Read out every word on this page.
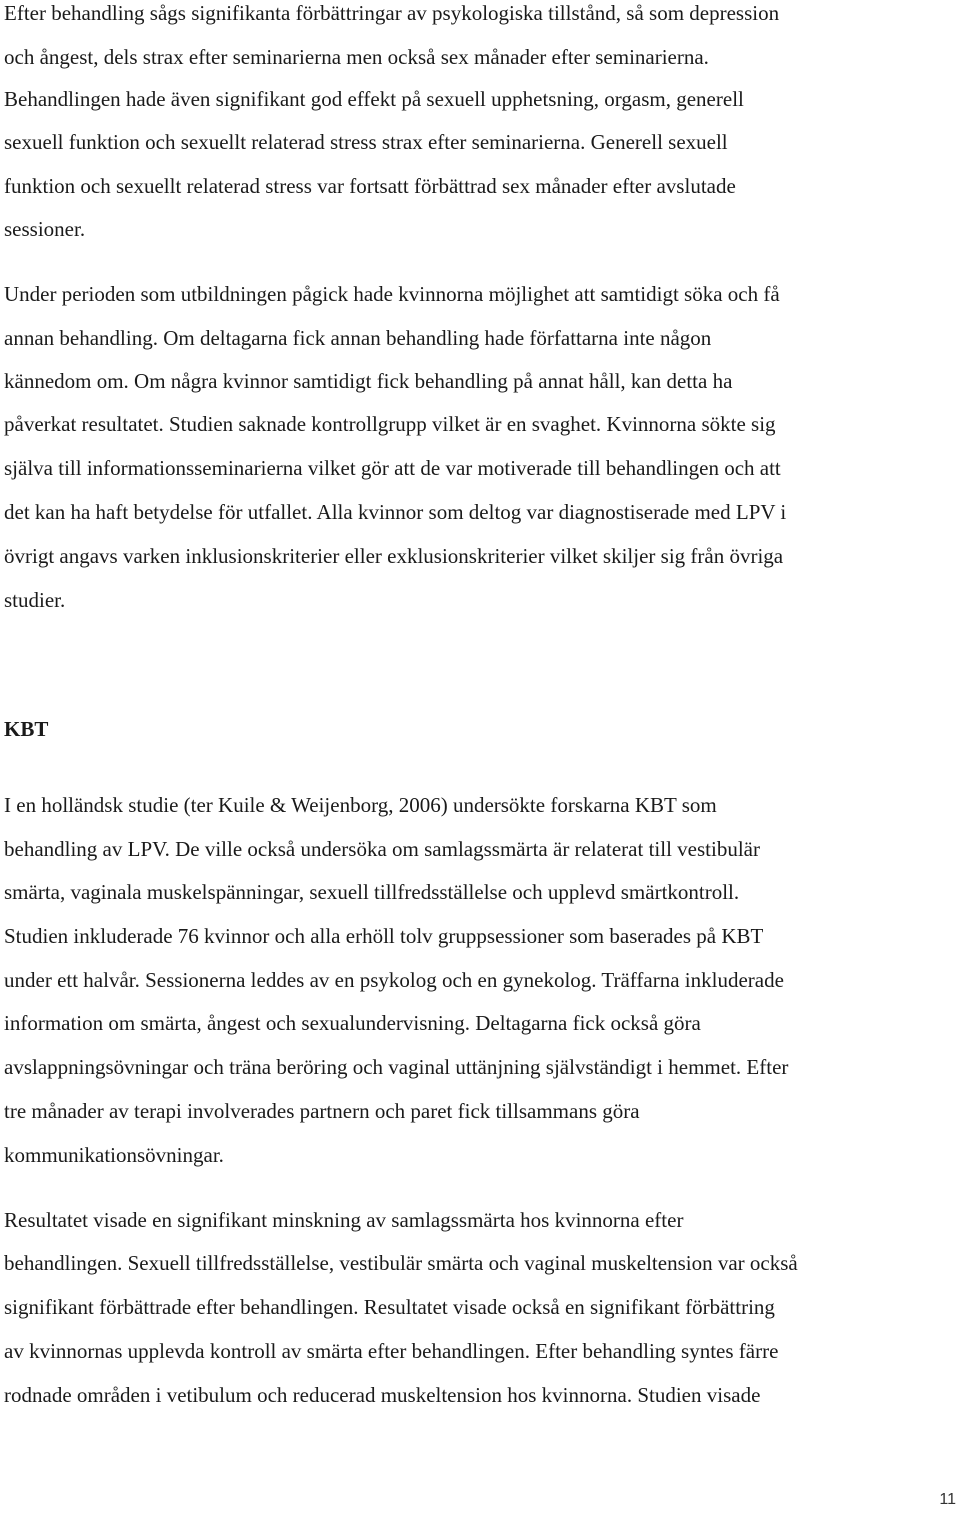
Efter behandling sågs signifikanta förbättringar av psykologiska tillstånd, så som depression
och ångest, dels strax efter seminarierna men också sex månader efter seminarierna.
Behandlingen hade även signifikant god effekt på sexuell upphetsning, orgasm, generell
sexuell funktion och sexuellt relaterad stress strax efter seminarierna. Generell sexuell
funktion och sexuellt relaterad stress var fortsatt förbättrad sex månader efter avslutade
sessioner.
Under perioden som utbildningen pågick hade kvinnorna möjlighet att samtidigt söka och få
annan behandling. Om deltagarna fick annan behandling hade författarna inte någon
kännedom om. Om några kvinnor samtidigt fick behandling på annat håll, kan detta ha
påverkat resultatet. Studien saknade kontrollgrupp vilket är en svaghet. Kvinnorna sökte sig
själva till informationsseminarierna vilket gör att de var motiverade till behandlingen och att
det kan ha haft betydelse för utfallet. Alla kvinnor som deltog var diagnostiserade med LPV i
övrigt angavs varken inklusionskriterier eller exklusionskriterier vilket skiljer sig från övriga
studier.
KBT
I en holländsk studie (ter Kuile & Weijenborg, 2006) undersökte forskarna KBT som
behandling av LPV. De ville också undersöka om samlagssmärta är relaterat till vestibulär
smärta, vaginala muskelspänningar, sexuell tillfredsställelse och upplevd smärtkontroll.
Studien inkluderade 76 kvinnor och alla erhöll tolv gruppsessioner som baserades på KBT
under ett halvår. Sessionerna leddes av en psykolog och en gynekolog. Träffarna inkluderade
information om smärta, ångest och sexualundervisning. Deltagarna fick också göra
avslappningsövningar och träna beröring och vaginal uttänjning självständigt i hemmet. Efter
tre månader av terapi involverades partnern och paret fick tillsammans göra
kommunikationsövningar.
Resultatet visade en signifikant minskning av samlagssmärta hos kvinnorna efter
behandlingen. Sexuell tillfredsställelse, vestibulär smärta och vaginal muskeltension var också
signifikant förbättrade efter behandlingen. Resultatet visade också en signifikant förbättring
av kvinnornas upplevda kontroll av smärta efter behandlingen. Efter behandling syntes färre
rodnade områden i vetibulum och reducerad muskeltension hos kvinnorna. Studien visade
11
